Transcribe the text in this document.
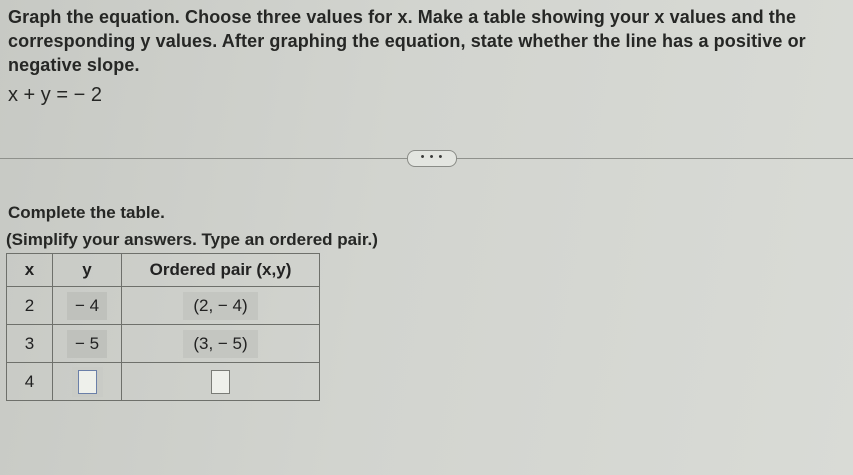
Graph the equation. Choose three values for x. Make a table showing your x values and the corresponding y values. After graphing the equation, state whether the line has a positive or negative slope.
x + y = − 2
• • •
Complete the table.
(Simplify your answers. Type an ordered pair.)
x	y	Ordered pair (x,y)
2	− 4	(2, − 4)
3	− 5	(3, − 5)
4		
